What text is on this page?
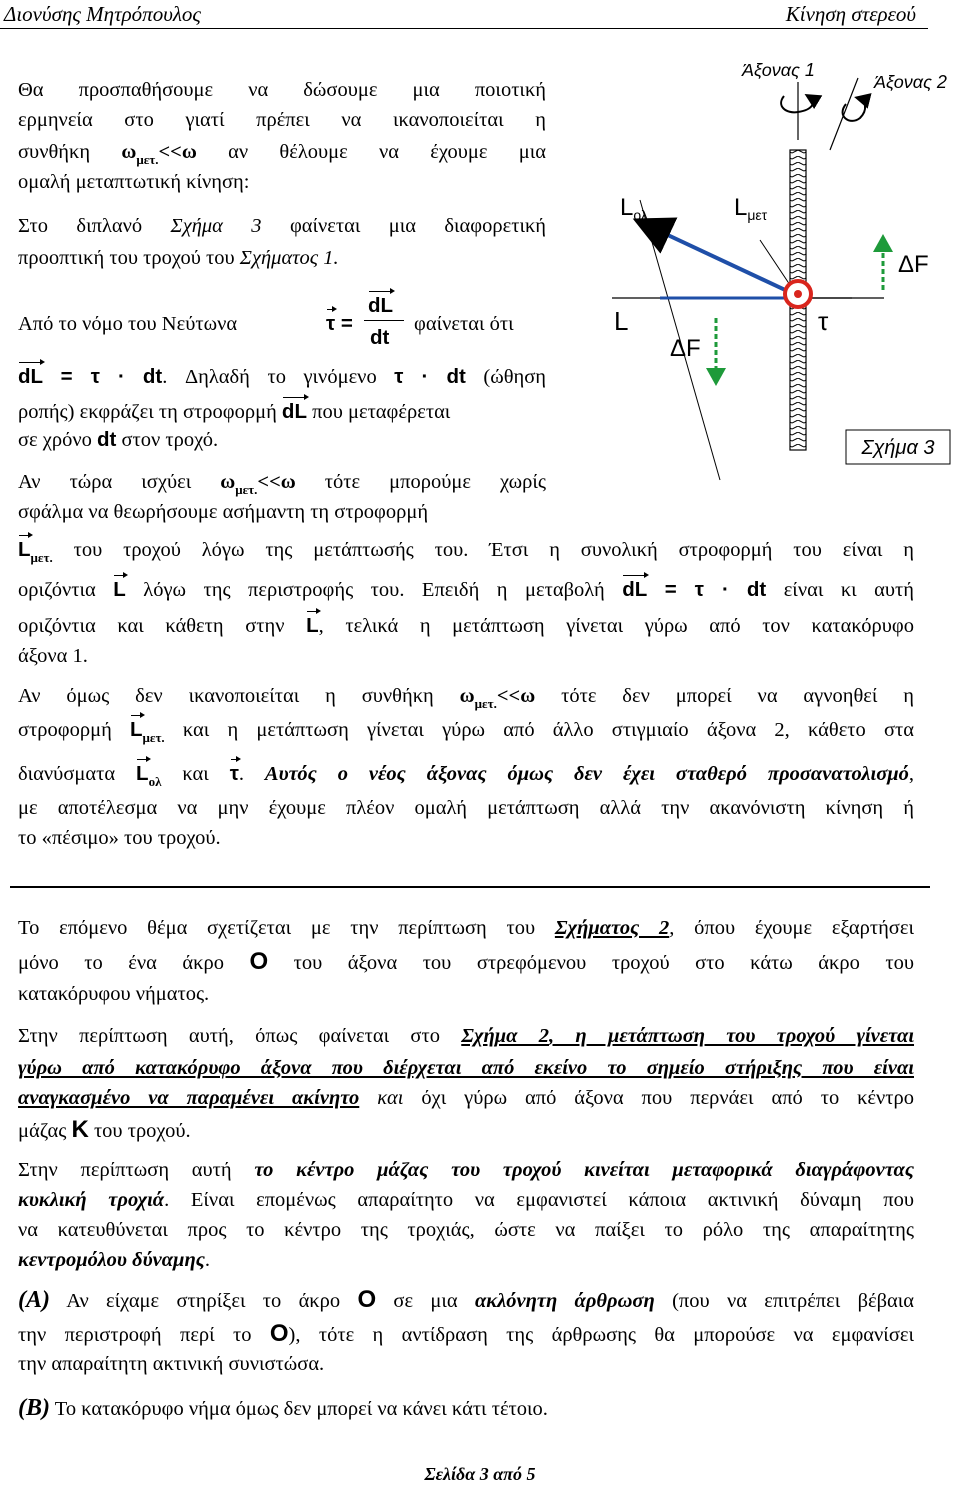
Διονύσης Μητρόπουλος	Κίνηση στερεού
Άξονας 1
Άξονας 2
$L_{o\lambda}$	$L_{\mu\varepsilon\tau}$
L
ΔF
ΔF
τ
Σχήμα 3
Θα προσπαθήσουμε να δώσουμε μια ποιοτική
ερμηνεία στο γιατί πρέπει να ικανοποιείται η
συνθήκη $\omega_{\mu\varepsilon\tau.}<<\omega$ αν θέλουμε να έχουμε μια
ομαλή μεταπτωτική κίνηση:
Στο διπλανό Σχήμα 3 φαίνεται μια διαφορετική
προοπτική του τροχού του Σχήματος 1.
Από το νόμο του Νεύτωνα	τ =
dL
dt
φαίνεται ότι
dL = τ · dt. Δηλαδή το γινόμενο τ · dt (ώθηση
ροπής) εκφράζει τη στροφορμή dL που μεταφέρεται
σε χρόνο dt στον τροχό.
Αν τώρα ισχύει $\omega_{\mu\varepsilon\tau.}<<\omega$ τότε μπορούμε χωρίς
σφάλμα να θεωρήσουμε ασήμαντη τη στροφορμή
$L_{\mu\varepsilon\tau.}$ του τροχού λόγω της μετάπτωσής του. Έτσι η συνολική στροφορμή του είναι η
οριζόντια L λόγω της περιστροφής του. Επειδή η μεταβολή dL = τ · dt είναι κι αυτή
οριζόντια και κάθετη στην L, τελικά η μετάπτωση γίνεται γύρω από τον κατακόρυφο
άξονα 1.
Αν όμως δεν ικανοποιείται η συνθήκη $\omega_{\mu\varepsilon\tau.}<<\omega$ τότε δεν μπορεί να αγνοηθεί η
στροφορμή $L_{\mu\varepsilon\tau.}$ και η μετάπτωση γίνεται γύρω από άλλο στιγμιαίο άξονα 2, κάθετο στα
διανύσματα $L_{o\lambda}$ και τ. Αυτός ο νέος άξονας όμως δεν έχει σταθερό προσανατολισμό,
με αποτέλεσμα να μην έχουμε πλέον ομαλή μετάπτωση αλλά την ακανόνιστη κίνηση ή
το «πέσιμο» του τροχού.
Το επόμενο θέμα σχετίζεται με την περίπτωση του Σχήματος 2, όπου έχουμε εξαρτήσει
μόνο το ένα άκρο Ο του άξονα του στρεφόμενου τροχού στο κάτω άκρο του
κατακόρυφου νήματος.
Στην περίπτωση αυτή, όπως φαίνεται στο Σχήμα 2, η μετάπτωση του τροχού γίνεται
γύρω από κατακόρυφο άξονα που διέρχεται από εκείνο το σημείο στήριξης που είναι
αναγκασμένο να παραμένει ακίνητο και όχι γύρω από άξονα που περνάει από το κέντρο
μάζας K του τροχού.
Στην περίπτωση αυτή το κέντρο μάζας του τροχού κινείται μεταφορικά διαγράφοντας
κυκλική τροχιά. Είναι επομένως απαραίτητο να εμφανιστεί κάποια ακτινική δύναμη που
να κατευθύνεται προς το κέντρο της τροχιάς, ώστε να παίξει το ρόλο της απαραίτητης
κεντρομόλου δύναμης.
(Α) Αν είχαμε στηρίξει το άκρο Ο σε μια ακλόνητη άρθρωση (που να επιτρέπει βέβαια
την περιστροφή περί το Ο), τότε η αντίδραση της άρθρωσης θα μπορούσε να εμφανίσει
την απαραίτητη ακτινική συνιστώσα.
(Β) Το κατακόρυφο νήμα όμως δεν μπορεί να κάνει κάτι τέτοιο.
Σελίδα 3 από 5
